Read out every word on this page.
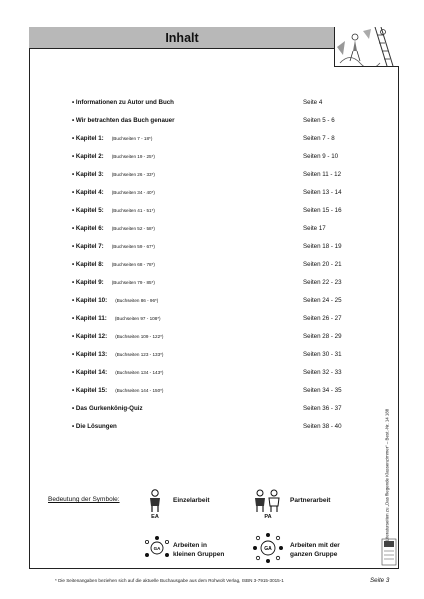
Inhalt
• Informationen zu Autor und Buch	Seite 4
• Wir betrachten das Buch genauer	Seiten 5 - 6
• Kapitel 1: (Buchseiten 7 - 18*)	Seiten 7 - 8
• Kapitel 2: (Buchseiten 19 - 25*)	Seiten 9 - 10
• Kapitel 3: (Buchseiten 26 - 33*)	Seiten 11 - 12
• Kapitel 4: (Buchseiten 34 - 40*)	Seiten 13 - 14
• Kapitel 5: (Buchseiten 41 - 51*)	Seiten 15 - 16
• Kapitel 6: (Buchseiten 52 - 58*)	Seite 17
• Kapitel 7: (Buchseiten 59 - 67*)	Seiten 18 - 19
• Kapitel 8: (Buchseiten 68 - 78*)	Seiten 20 - 21
• Kapitel 9: (Buchseiten 79 - 85*)	Seiten 22 - 23
• Kapitel 10: (Buchseiten 86 - 96*)	Seiten 24 - 25
• Kapitel 11: (Buchseiten 97 - 108*)	Seiten 26 - 27
• Kapitel 12: (Buchseiten 109 - 122*)	Seiten 28 - 29
• Kapitel 13: (Buchseiten 123 - 133*)	Seiten 30 - 31
• Kapitel 14: (Buchseiten 134 - 143*)	Seiten 32 - 33
• Kapitel 15: (Buchseiten 144 - 150*)	Seiten 34 - 35
• Das Gurkenkönig-Quiz	Seiten 36 - 37
• Die Lösungen	Seiten 38 - 40	Literaturseiten zu „Das fliegende Klassenzimmer“ – Best.-Nr. 14 188
Bedeutung der Symbole:
EA
Einzelarbeit
PA
Partnerarbeit
GA Arbeiten in
kleinen Gruppen
GA	Arbeiten mit der
ganzen Gruppe
* Die Seitenangaben beziehen sich auf die aktuelle Buchausgabe aus dem Rohwolt Verlag, ISBN 3-7915-3015-1	Seite 3
